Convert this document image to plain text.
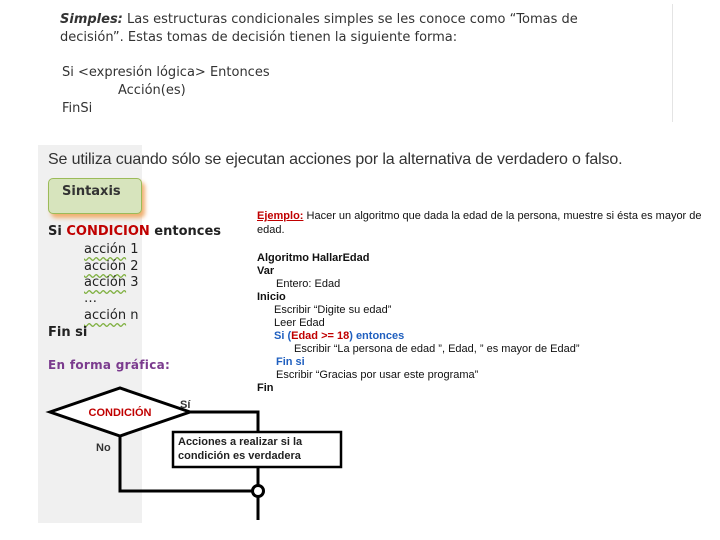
Simples: Las estructuras condicionales simples se les conoce como “Tomas de
decisión”. Estas tomas de decisión tienen la siguiente forma:
Si <expresión lógica> Entonces
Acción(es)
FinSi
Se utiliza cuando sólo se ejecutan acciones por la alternativa de verdadero o falso.
Sintaxis
Si CONDICION entonces
acción 1
acción 2
acción 3
…
acción n
Fin si
En forma gráfica:
Ejemplo: Hacer un algoritmo que dada la edad de la persona, muestre si ésta es mayor de edad.
Algoritmo HallarEdad
Var
Entero: Edad
Inicio
Escribir “Digite su edad”
Leer Edad
Si (Edad >= 18) entonces
Escribir “La persona de edad ”, Edad, ” es mayor de Edad”
Fin si
Escribir “Gracias por usar este programa”
Fin
CONDICIÓN
Sí
Acciones a realizar si la
condición es verdadera
No
